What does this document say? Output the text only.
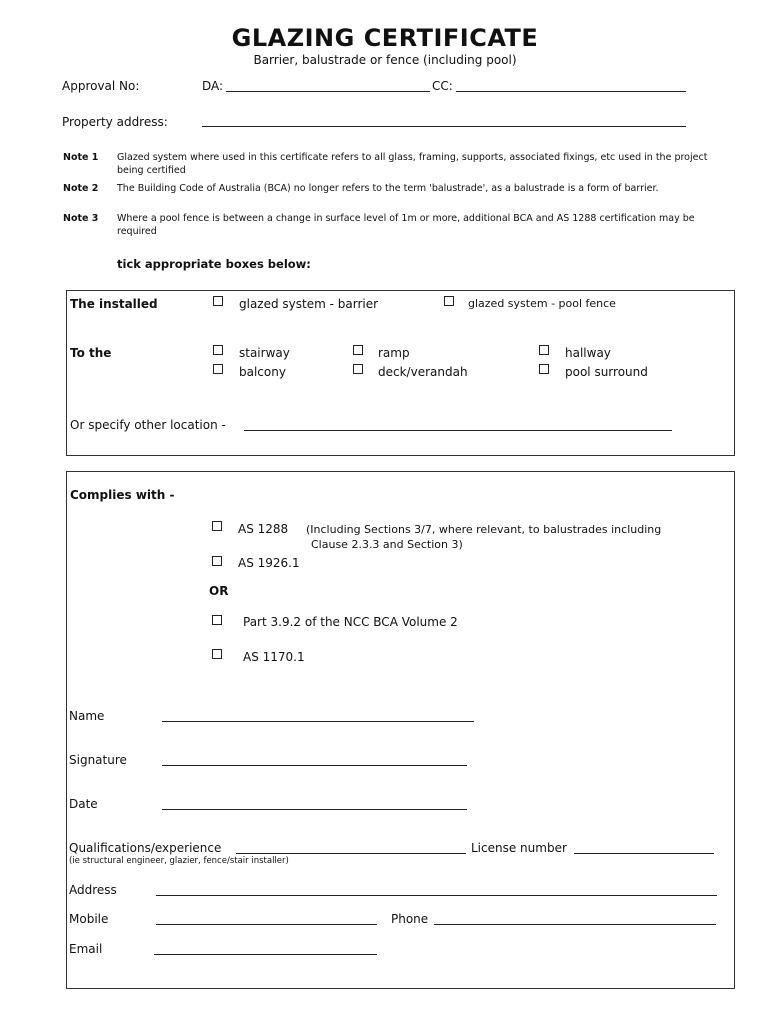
GLAZING CERTIFICATE
Barrier, balustrade or fence (including pool)
Approval No:	DA:	CC:
Property address:
Note 1 Glazed system where used in this certificate refers to all glass, framing, supports, associated fixings, etc used in the project being certified
Note 2 The Building Code of Australia (BCA) no longer refers to the term 'balustrade', as a balustrade is a form of barrier.
Note 3 Where a pool fence is between a change in surface level of 1m or more, additional BCA and AS 1288 certification may be required
tick appropriate boxes below:
The installed	glazed system - barrier	glazed system - pool fence
To the	stairway	ramp	hallway
balcony	deck/verandah	pool surround
Or specify other location -
Complies with -
AS 1288 (Including Sections 3/7, where relevant, to balustrades including
Clause 2.3.3 and Section 3)
AS 1926.1
OR
Part 3.9.2 of the NCC BCA Volume 2
AS 1170.1
Name
Signature
Date
Qualifications/experience	License number
(ie structural engineer, glazier, fence/stair installer)
Address
Mobile	Phone
Email
